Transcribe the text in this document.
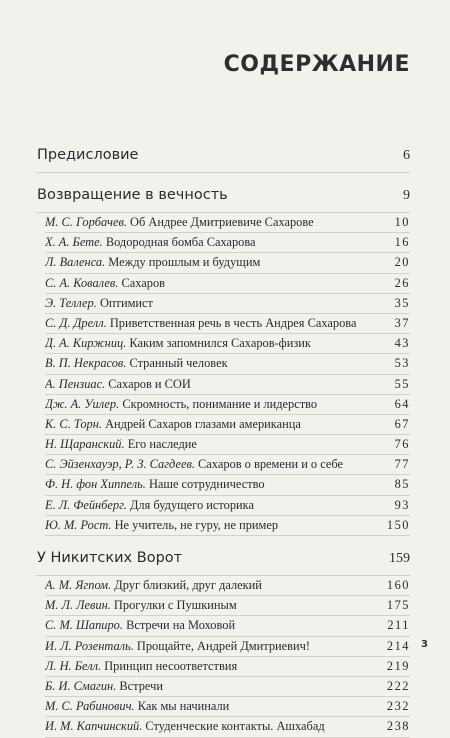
СОДЕРЖАНИЕ
Предисловие	6
Возвращение в вечность	9
М. С. Горбачев. Об Андрее Дмитриевиче Сахарове	10
Х. А. Бете. Водородная бомба Сахарова	16
Л. Валенса. Между прошлым и будущим	20
С. А. Ковалев. Сахаров	26
Э. Теллер. Оптимист	35
С. Д. Дрелл. Приветственная речь в честь Андрея Сахарова	37
Д. А. Киржниц. Каким запомнился Сахаров-физик	43
В. П. Некрасов. Странный человек	53
А. Пензиас. Сахаров и СОИ	55
Дж. А. Уилер. Скромность, понимание и лидерство	64
К. С. Торн. Андрей Сахаров глазами американца	67
Н. Щаранский. Его наследие	76
С. Эйзенхауэр, Р. З. Сагдеев. Сахаров о времени и о себе	77
Ф. Н. фон Хиппель. Наше сотрудничество	85
Е. Л. Фейнберг. Для будущего историка	93
Ю. М. Рост. Не учитель, не гуру, не пример	150
У Никитских Ворот	159
А. М. Ягпом. Друг близкий, друг далекий	160
М. Л. Левин. Прогулки с Пушкиным	175
С. М. Шапиро. Встречи на Моховой	211
И. Л. Розенталь. Прощайте, Андрей Дмитриевич!	214
Л. Н. Белл. Принцип несоответствия	219
Б. И. Смагин. Встречи	222
М. С. Рабинович. Как мы начинали	232
И. М. Капчинский. Студенческие контакты. Ашхабад	238
3
